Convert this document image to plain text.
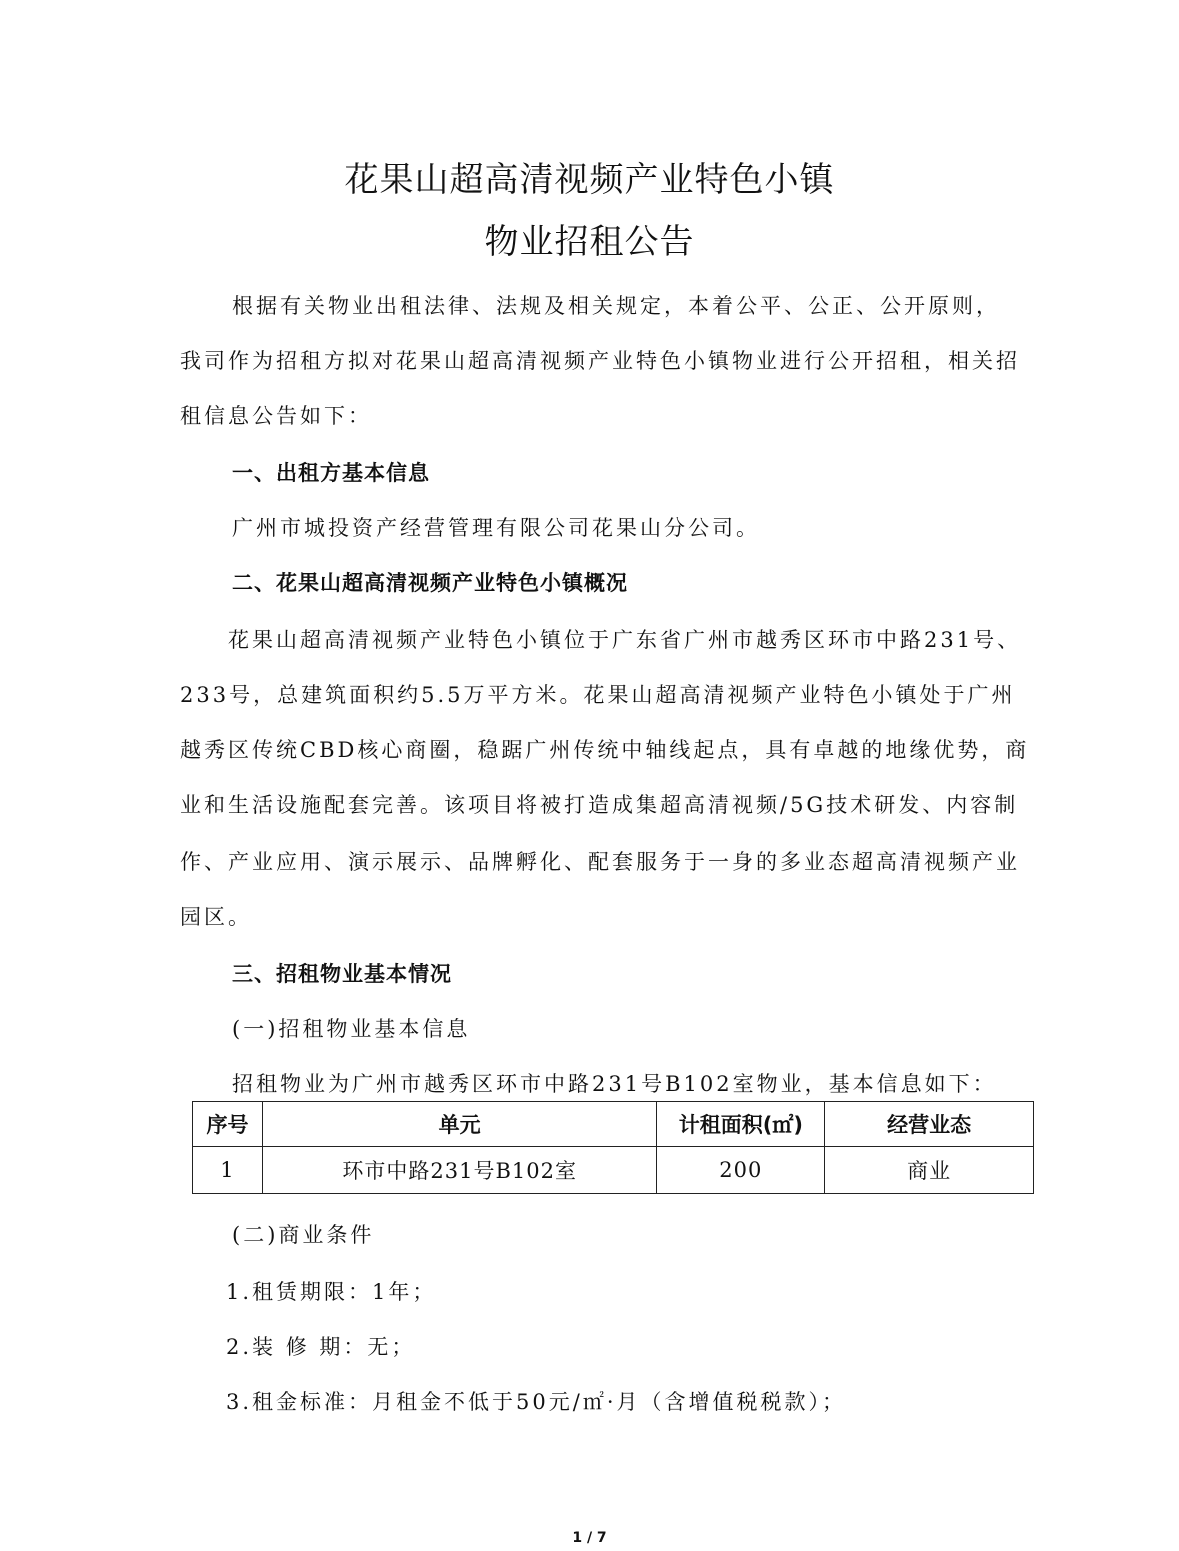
花果山超高清视频产业特色小镇
物业招租公告
根据有关物业出租法律、法规及相关规定，本着公平、公正、公开原则，
我司作为招租方拟对花果山超高清视频产业特色小镇物业进行公开招租，相关招
租信息公告如下：
一、出租方基本信息
广州市城投资产经营管理有限公司花果山分公司。
二、花果山超高清视频产业特色小镇概况
花果山超高清视频产业特色小镇位于广东省广州市越秀区环市中路231号、
233号，总建筑面积约5.5万平方米。花果山超高清视频产业特色小镇处于广州
越秀区传统CBD核心商圈，稳踞广州传统中轴线起点，具有卓越的地缘优势，商
业和生活设施配套完善。该项目将被打造成集超高清视频/5G技术研发、内容制
作、产业应用、演示展示、品牌孵化、配套服务于一身的多业态超高清视频产业
园区。
三、招租物业基本情况
(一)招租物业基本信息
招租物业为广州市越秀区环市中路231号B102室物业，基本信息如下：
序号	单元	计租面积(㎡)	经营业态
1	环市中路231号B102室	200	商业
(二)商业条件
1.租赁期限：1年；
2.装 修 期：无；
3.租金标准：月租金不低于50元/㎡·月（含增值税税款）；
1 / 7
